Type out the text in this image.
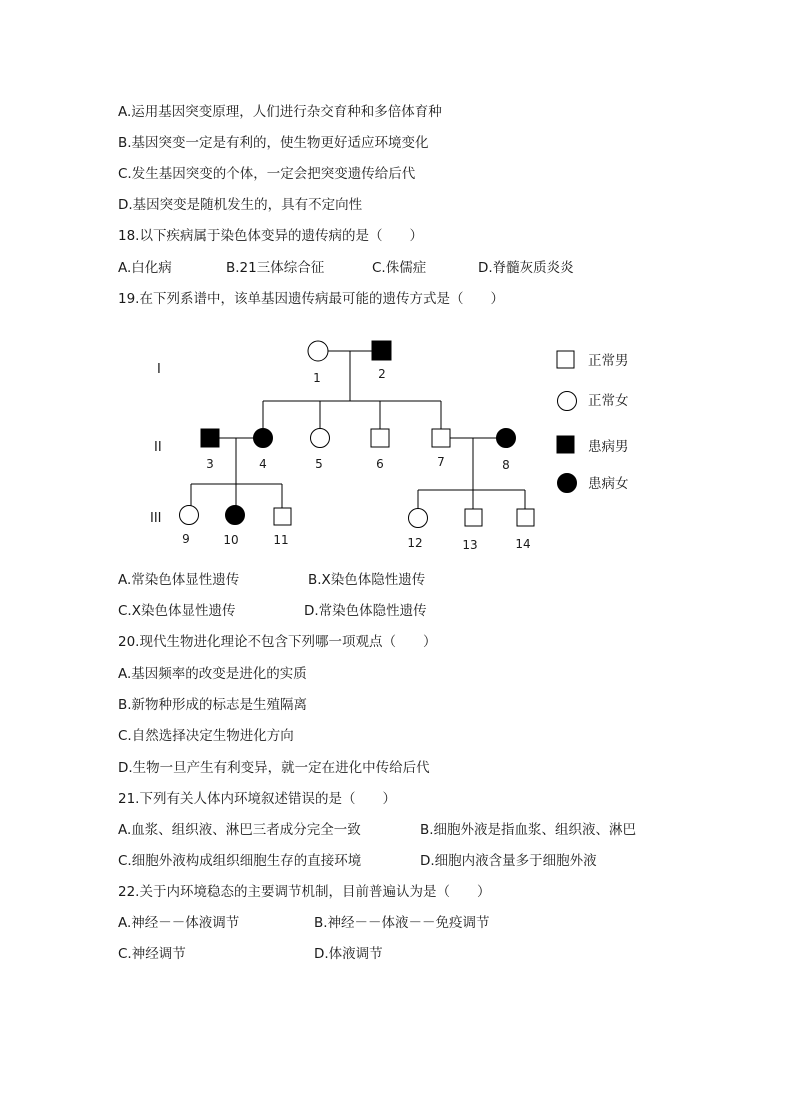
A.运用基因突变原理，人们进行杂交育种和多倍体育种
B.基因突变一定是有利的，使生物更好适应环境变化
C.发生基因突变的个体，一定会把突变遗传给后代
D.基因突变是随机发生的，具有不定向性
18.以下疾病属于染色体变异的遗传病的是（　　）
A.白化病	B.21三体综合征	C.侏儒症	D.脊髓灰质炎炎
19.在下列系谱中，该单基因遗传病最可能的遗传方式是（　　）
I
II
III
1	2
3	4	5	6	7	8
9	10	11	12	13	14
正常男
正常女
患病男
患病女
A.常染色体显性遗传	B.X染色体隐性遗传
C.X染色体显性遗传	D.常染色体隐性遗传
20.现代生物进化理论不包含下列哪一项观点（　　）
A.基因频率的改变是进化的实质
B.新物种形成的标志是生殖隔离
C.自然选择决定生物进化方向
D.生物一旦产生有利变异，就一定在进化中传给后代
21.下列有关人体内环境叙述错误的是（　　）
A.血浆、组织液、淋巴三者成分完全一致	B.细胞外液是指血浆、组织液、淋巴
C.细胞外液构成组织细胞生存的直接环境	D.细胞内液含量多于细胞外液
22.关于内环境稳态的主要调节机制，目前普遍认为是（　　）
A.神经－－体液调节	B.神经－－体液－－免疫调节
C.神经调节	D.体液调节
